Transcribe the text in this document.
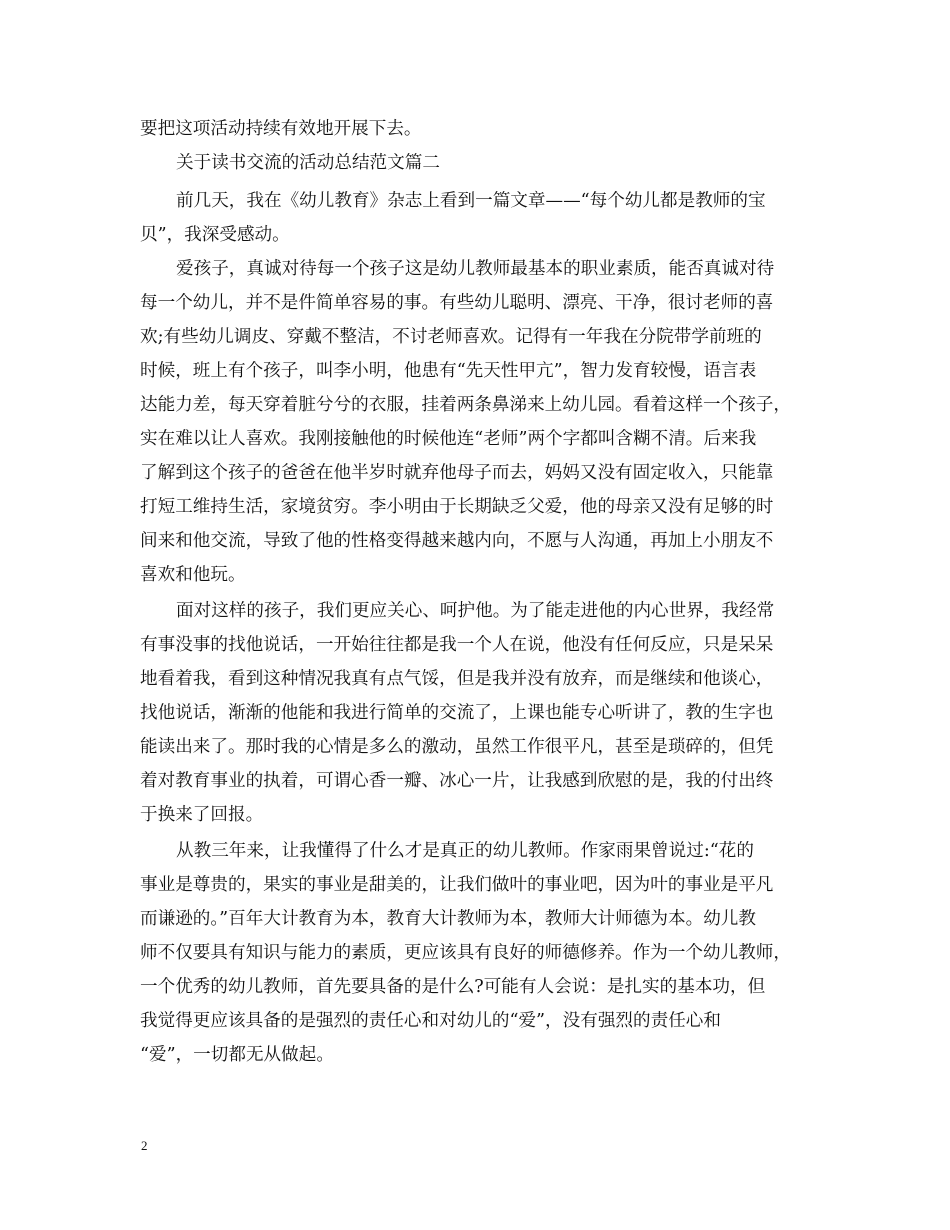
要把这项活动持续有效地开展下去。

关于读书交流的活动总结范文篇二

前几天，我在《幼儿教育》杂志上看到一篇文章——“每个幼儿都是教师的宝

贝”，我深受感动。

爱孩子，真诚对待每一个孩子这是幼儿教师最基本的职业素质，能否真诚对待

每一个幼儿，并不是件简单容易的事。有些幼儿聪明、漂亮、干净，很讨老师的喜

欢;有些幼儿调皮、穿戴不整洁，不讨老师喜欢。记得有一年我在分院带学前班的

时候，班上有个孩子，叫李小明，他患有“先天性甲亢”，智力发育较慢，语言表

达能力差，每天穿着脏兮兮的衣服，挂着两条鼻涕来上幼儿园。看着这样一个孩子，

实在难以让人喜欢。我刚接触他的时候他连“老师”两个字都叫含糊不清。后来我

了解到这个孩子的爸爸在他半岁时就弃他母子而去，妈妈又没有固定收入，只能靠

打短工维持生活，家境贫穷。李小明由于长期缺乏父爱，他的母亲又没有足够的时

间来和他交流，导致了他的性格变得越来越内向，不愿与人沟通，再加上小朋友不

喜欢和他玩。

面对这样的孩子，我们更应关心、呵护他。为了能走进他的内心世界，我经常

有事没事的找他说话，一开始往往都是我一个人在说，他没有任何反应，只是呆呆

地看着我，看到这种情况我真有点气馁，但是我并没有放弃，而是继续和他谈心，

找他说话，渐渐的他能和我进行简单的交流了，上课也能专心听讲了，教的生字也

能读出来了。那时我的心情是多么的激动，虽然工作很平凡，甚至是琐碎的，但凭

着对教育事业的执着，可谓心香一瓣、冰心一片，让我感到欣慰的是，我的付出终

于换来了回报。

从教三年来，让我懂得了什么才是真正的幼儿教师。作家雨果曾说过:“花的

事业是尊贵的，果实的事业是甜美的，让我们做叶的事业吧，因为叶的事业是平凡

而谦逊的。”百年大计教育为本，教育大计教师为本，教师大计师德为本。幼儿教

师不仅要具有知识与能力的素质，更应该具有良好的师德修养。作为一个幼儿教师，

一个优秀的幼儿教师，首先要具备的是什么?可能有人会说：是扎实的基本功，但

我觉得更应该具备的是强烈的责任心和对幼儿的“爱”，没有强烈的责任心和

“爱”，一切都无从做起。

2
